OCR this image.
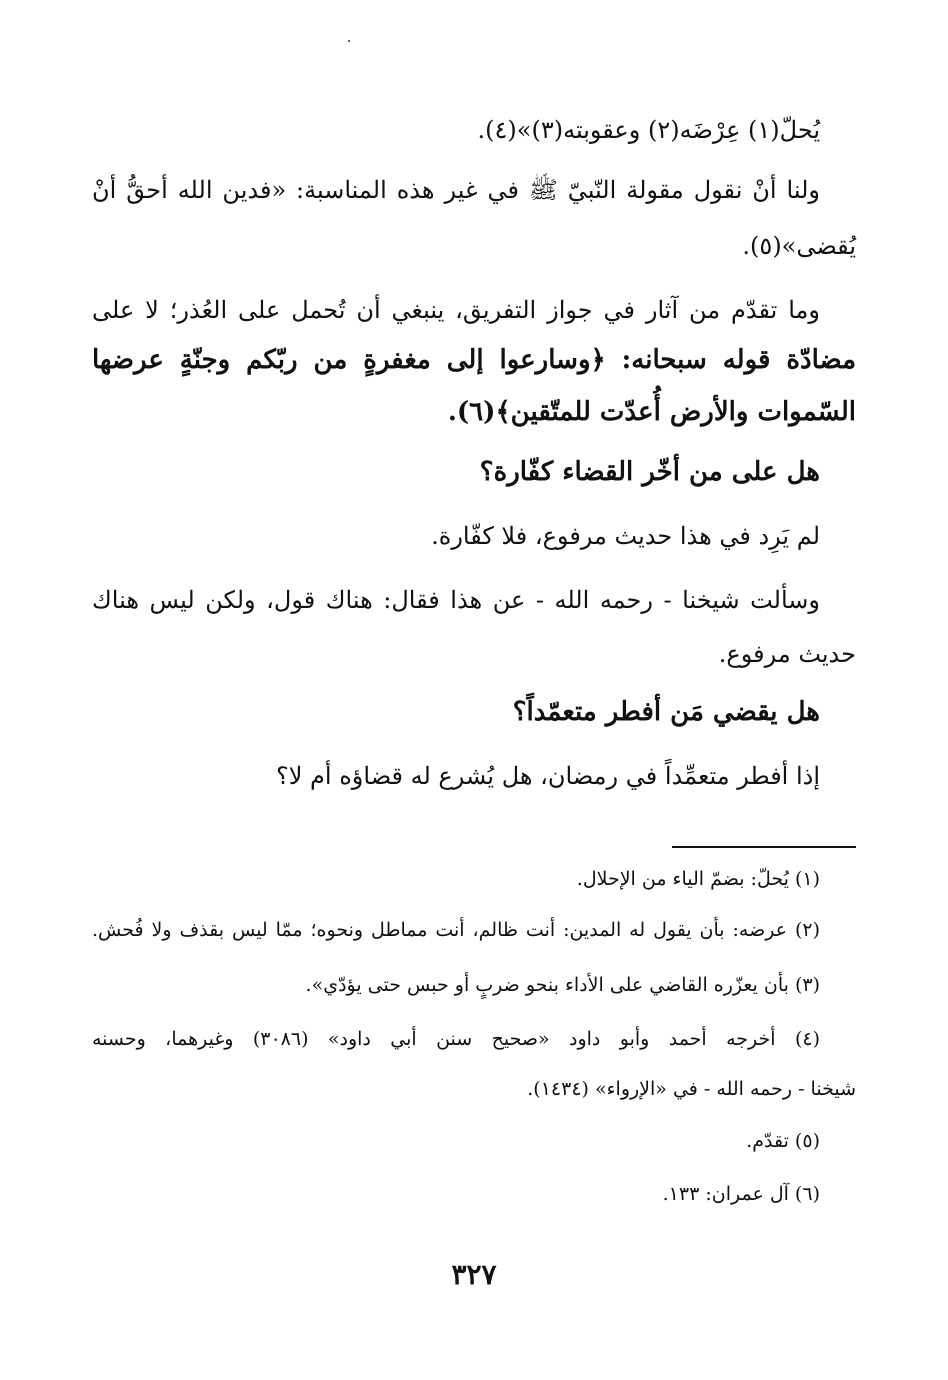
يُحلّ(١) عِرْضَه(٢) وعقوبته(٣)»(٤).
ولنا أنْ نقول مقولة النّبيّ ﷺ في غير هذه المناسبة: «فدين الله أحقُّ أنْ
يُقضى»(٥).
وما تقدّم من آثار في جواز التفريق، ينبغي أن تُحمل على العُذر؛ لا على
مضادّة قوله سبحانه: ﴿وسارعوا إلى مغفرةٍ من ربّكم وجنّةٍ عرضها
السّموات والأرض أُعدّت للمتّقين﴾(٦).
هل على من أخّر القضاء كفّارة؟
لم يَرِد في هذا حديث مرفوع، فلا كفّارة.
وسألت شيخنا - رحمه الله - عن هذا فقال: هناك قول، ولكن ليس هناك
حديث مرفوع.
هل يقضي مَن أفطر متعمّداً؟
إذا أفطر متعمِّداً في رمضان، هل يُشرع له قضاؤه أم لا؟
(١) يُحلّ: بضمّ الياء من الإحلال.
(٢) عرضه: بأن يقول له المدين: أنت ظالم، أنت مماطل ونحوه؛ ممّا ليس بقذف ولا فُحش.
(٣) بأن يعزّره القاضي على الأداء بنحو ضربٍ أو حبس حتى يؤدّي».
(٤) أخرجه أحمد وأبو داود «صحيح سنن أبي داود» (٣٠٨٦) وغيرهما، وحسنه
شيخنا - رحمه الله - في «الإرواء» (١٤٣٤).
(٥) تقدّم.
(٦) آل عمران: ١٣٣.
٣٢٧
